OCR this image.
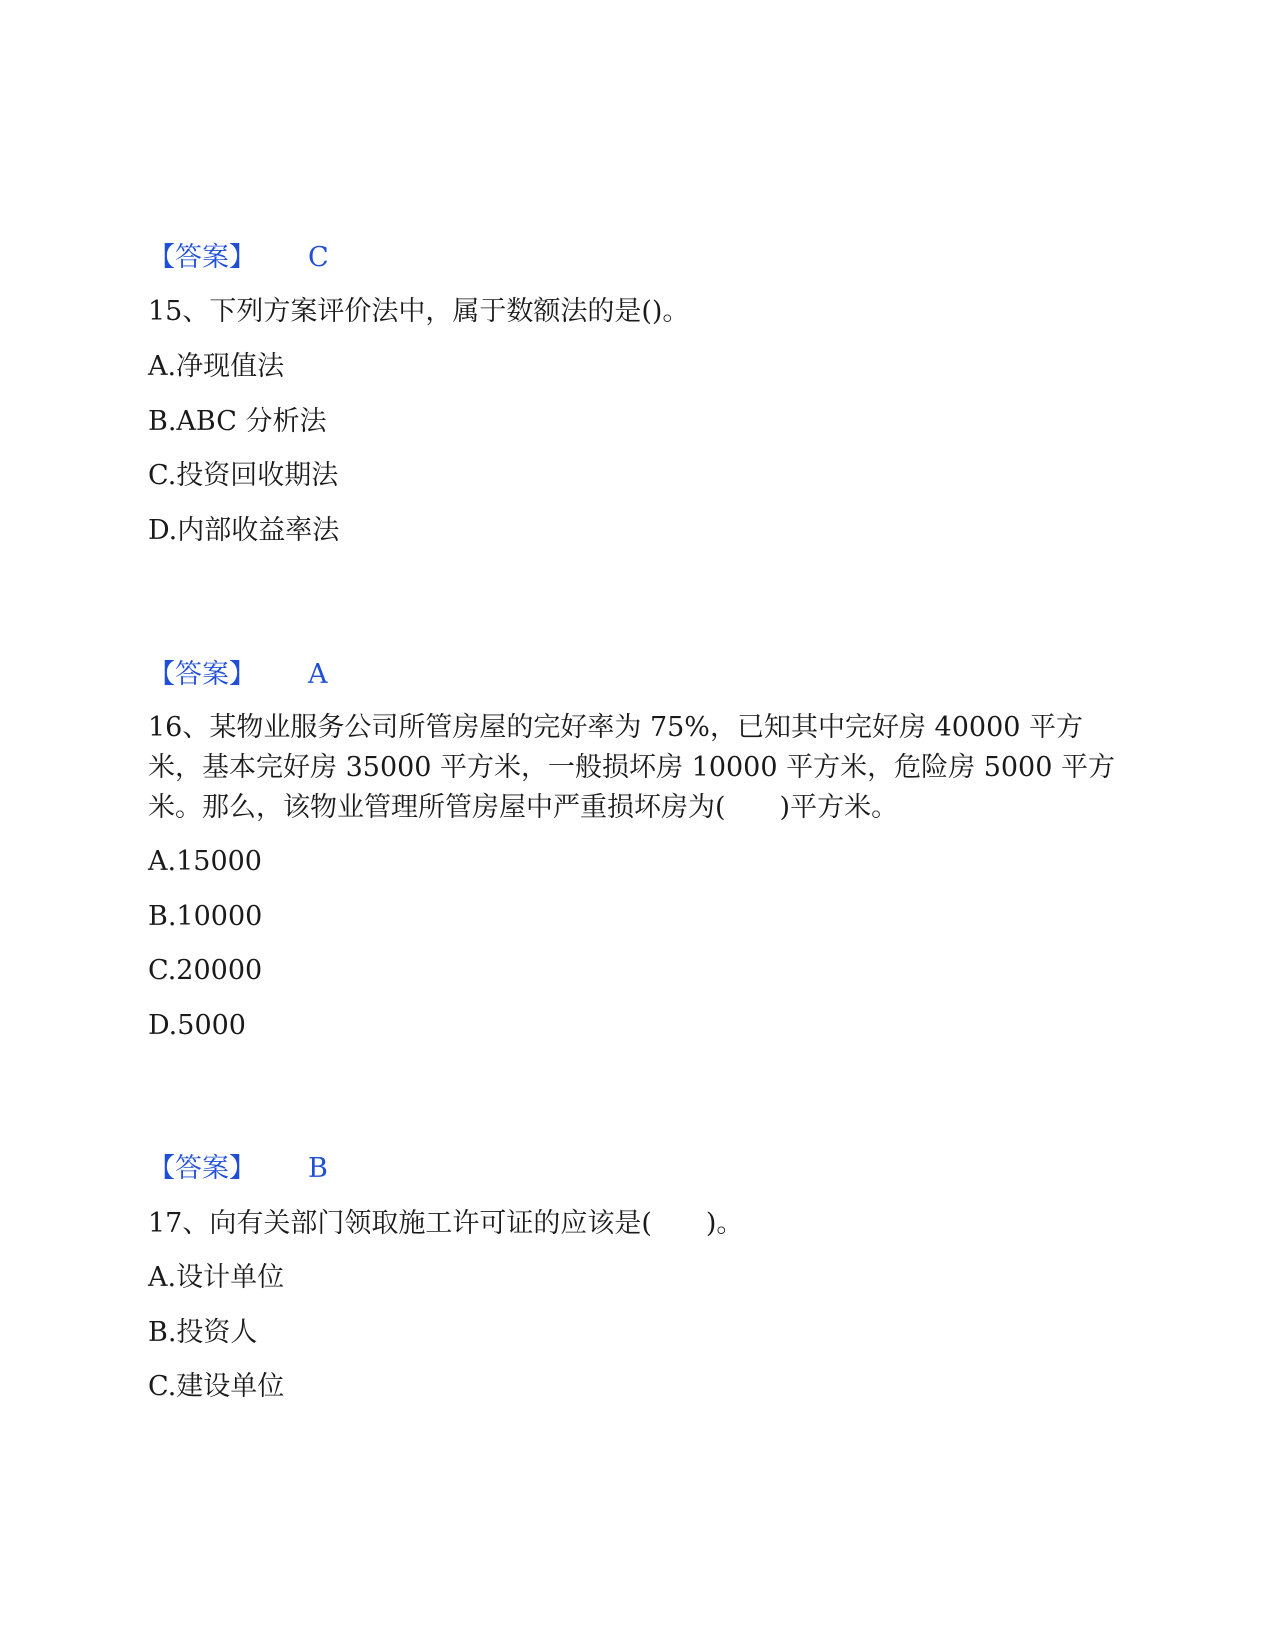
【答案】 C
15、下列方案评价法中，属于数额法的是()。
A.净现值法
B.ABC 分析法
C.投资回收期法
D.内部收益率法
【答案】 A
16、某物业服务公司所管房屋的完好率为 75%，已知其中完好房 40000 平方米，基本完好房 35000 平方米，一般损坏房 10000 平方米，危险房 5000 平方米。那么，该物业管理所管房屋中严重损坏房为(　　)平方米。
A.15000
B.10000
C.20000
D.5000
【答案】 B
17、向有关部门领取施工许可证的应该是(　　)。
A.设计单位
B.投资人
C.建设单位
